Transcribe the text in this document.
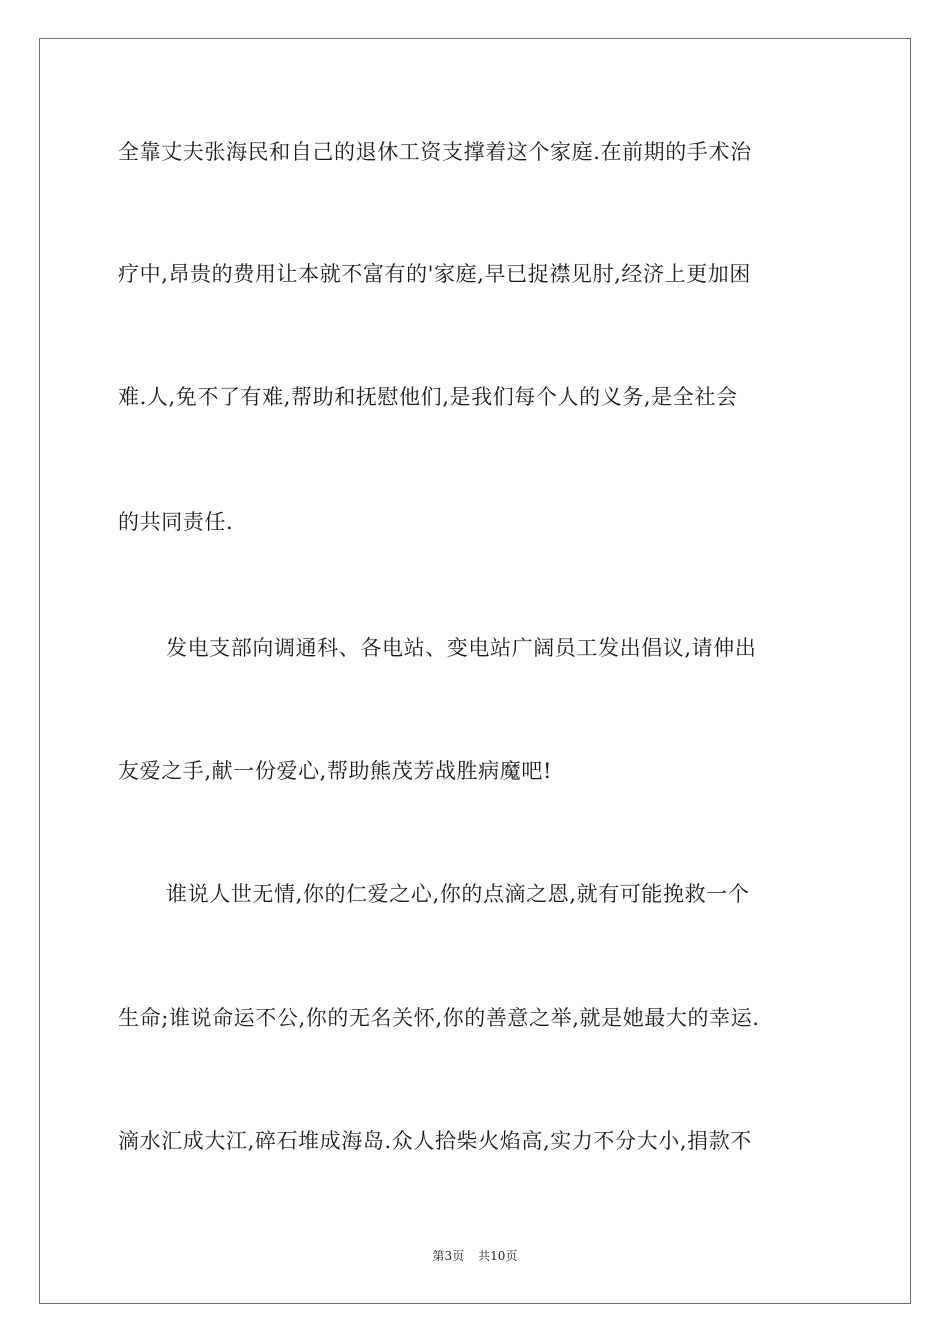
全靠丈夫张海民和自己的退休工资支撑着这个家庭.在前期的手术治
疗中,昂贵的费用让本就不富有的'家庭,早已捉襟见肘,经济上更加困
难.人,免不了有难,帮助和抚慰他们,是我们每个人的义务,是全社会
的共同责任.
发电支部向调通科、各电站、变电站广阔员工发出倡议,请伸出
友爱之手,献一份爱心,帮助熊茂芳战胜病魔吧!
谁说人世无情,你的仁爱之心,你的点滴之恩,就有可能挽救一个
生命;谁说命运不公,你的无名关怀,你的善意之举,就是她最大的幸运.
滴水汇成大江,碎石堆成海岛.众人拾柴火焰高,实力不分大小,捐款不
第3页 共10页
